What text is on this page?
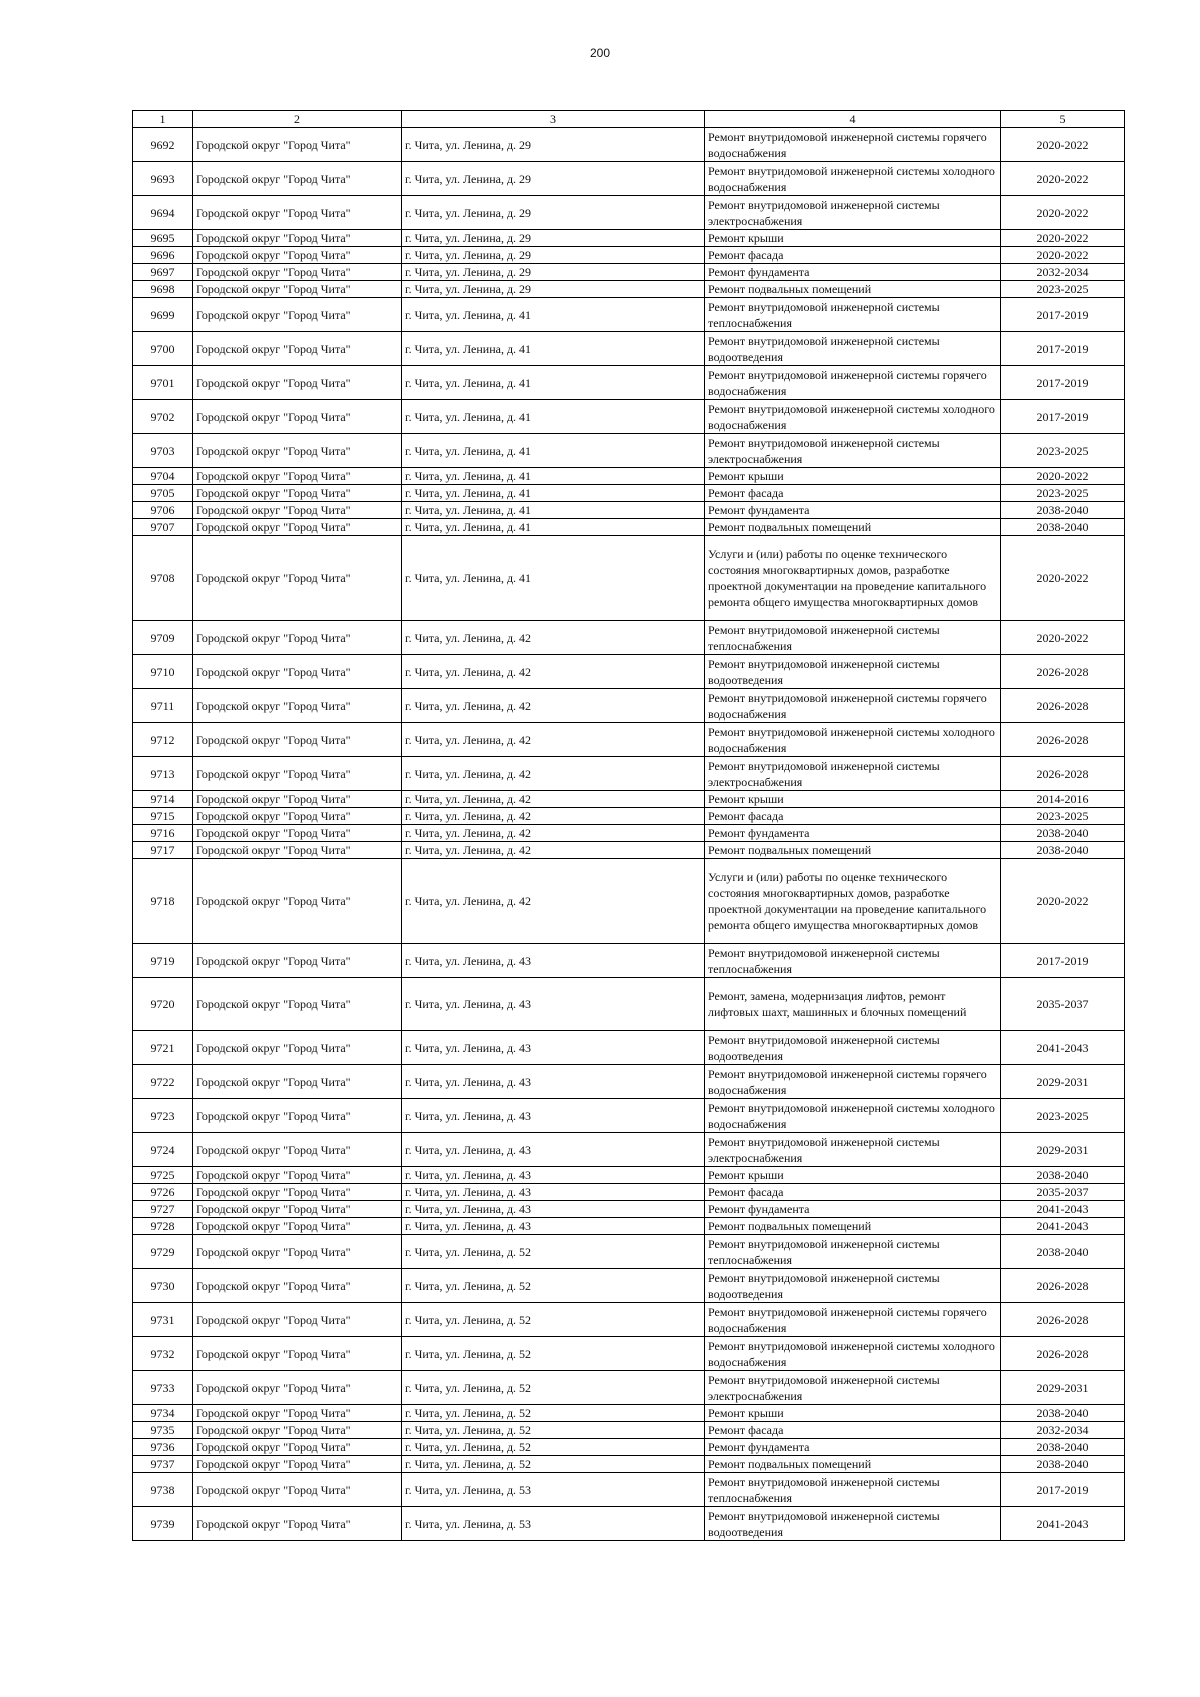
200
1	2	3	4	5
9692	Городской округ "Город Чита"	г. Чита, ул. Ленина, д. 29	Ремонт внутридомовой инженерной системы горячего водоснабжения	2020-2022
9693	Городской округ "Город Чита"	г. Чита, ул. Ленина, д. 29	Ремонт внутридомовой инженерной системы холодного водоснабжения	2020-2022
9694	Городской округ "Город Чита"	г. Чита, ул. Ленина, д. 29	Ремонт внутридомовой инженерной системы электроснабжения	2020-2022
9695	Городской округ "Город Чита"	г. Чита, ул. Ленина, д. 29	Ремонт крыши	2020-2022
9696	Городской округ "Город Чита"	г. Чита, ул. Ленина, д. 29	Ремонт фасада	2020-2022
9697	Городской округ "Город Чита"	г. Чита, ул. Ленина, д. 29	Ремонт фундамента	2032-2034
9698	Городской округ "Город Чита"	г. Чита, ул. Ленина, д. 29	Ремонт подвальных помещений	2023-2025
9699	Городской округ "Город Чита"	г. Чита, ул. Ленина, д. 41	Ремонт внутридомовой инженерной системы теплоснабжения	2017-2019
9700	Городской округ "Город Чита"	г. Чита, ул. Ленина, д. 41	Ремонт внутридомовой инженерной системы водоотведения	2017-2019
9701	Городской округ "Город Чита"	г. Чита, ул. Ленина, д. 41	Ремонт внутридомовой инженерной системы горячего водоснабжения	2017-2019
9702	Городской округ "Город Чита"	г. Чита, ул. Ленина, д. 41	Ремонт внутридомовой инженерной системы холодного водоснабжения	2017-2019
9703	Городской округ "Город Чита"	г. Чита, ул. Ленина, д. 41	Ремонт внутридомовой инженерной системы электроснабжения	2023-2025
9704	Городской округ "Город Чита"	г. Чита, ул. Ленина, д. 41	Ремонт крыши	2020-2022
9705	Городской округ "Город Чита"	г. Чита, ул. Ленина, д. 41	Ремонт фасада	2023-2025
9706	Городской округ "Город Чита"	г. Чита, ул. Ленина, д. 41	Ремонт фундамента	2038-2040
9707	Городской округ "Город Чита"	г. Чита, ул. Ленина, д. 41	Ремонт подвальных помещений	2038-2040
9708	Городской округ "Город Чита"	г. Чита, ул. Ленина, д. 41	Услуги и (или) работы по оценке технического состояния многоквартирных домов, разработке проектной документации на проведение капитального ремонта общего имущества многоквартирных домов	2020-2022
9709	Городской округ "Город Чита"	г. Чита, ул. Ленина, д. 42	Ремонт внутридомовой инженерной системы теплоснабжения	2020-2022
9710	Городской округ "Город Чита"	г. Чита, ул. Ленина, д. 42	Ремонт внутридомовой инженерной системы водоотведения	2026-2028
9711	Городской округ "Город Чита"	г. Чита, ул. Ленина, д. 42	Ремонт внутридомовой инженерной системы горячего водоснабжения	2026-2028
9712	Городской округ "Город Чита"	г. Чита, ул. Ленина, д. 42	Ремонт внутридомовой инженерной системы холодного водоснабжения	2026-2028
9713	Городской округ "Город Чита"	г. Чита, ул. Ленина, д. 42	Ремонт внутридомовой инженерной системы электроснабжения	2026-2028
9714	Городской округ "Город Чита"	г. Чита, ул. Ленина, д. 42	Ремонт крыши	2014-2016
9715	Городской округ "Город Чита"	г. Чита, ул. Ленина, д. 42	Ремонт фасада	2023-2025
9716	Городской округ "Город Чита"	г. Чита, ул. Ленина, д. 42	Ремонт фундамента	2038-2040
9717	Городской округ "Город Чита"	г. Чита, ул. Ленина, д. 42	Ремонт подвальных помещений	2038-2040
9718	Городской округ "Город Чита"	г. Чита, ул. Ленина, д. 42	Услуги и (или) работы по оценке технического состояния многоквартирных домов, разработке проектной документации на проведение капитального ремонта общего имущества многоквартирных домов	2020-2022
9719	Городской округ "Город Чита"	г. Чита, ул. Ленина, д. 43	Ремонт внутридомовой инженерной системы теплоснабжения	2017-2019
9720	Городской округ "Город Чита"	г. Чита, ул. Ленина, д. 43	Ремонт, замена, модернизация лифтов, ремонт лифтовых шахт, машинных и блочных помещений	2035-2037
9721	Городской округ "Город Чита"	г. Чита, ул. Ленина, д. 43	Ремонт внутридомовой инженерной системы водоотведения	2041-2043
9722	Городской округ "Город Чита"	г. Чита, ул. Ленина, д. 43	Ремонт внутридомовой инженерной системы горячего водоснабжения	2029-2031
9723	Городской округ "Город Чита"	г. Чита, ул. Ленина, д. 43	Ремонт внутридомовой инженерной системы холодного водоснабжения	2023-2025
9724	Городской округ "Город Чита"	г. Чита, ул. Ленина, д. 43	Ремонт внутридомовой инженерной системы электроснабжения	2029-2031
9725	Городской округ "Город Чита"	г. Чита, ул. Ленина, д. 43	Ремонт крыши	2038-2040
9726	Городской округ "Город Чита"	г. Чита, ул. Ленина, д. 43	Ремонт фасада	2035-2037
9727	Городской округ "Город Чита"	г. Чита, ул. Ленина, д. 43	Ремонт фундамента	2041-2043
9728	Городской округ "Город Чита"	г. Чита, ул. Ленина, д. 43	Ремонт подвальных помещений	2041-2043
9729	Городской округ "Город Чита"	г. Чита, ул. Ленина, д. 52	Ремонт внутридомовой инженерной системы теплоснабжения	2038-2040
9730	Городской округ "Город Чита"	г. Чита, ул. Ленина, д. 52	Ремонт внутридомовой инженерной системы водоотведения	2026-2028
9731	Городской округ "Город Чита"	г. Чита, ул. Ленина, д. 52	Ремонт внутридомовой инженерной системы горячего водоснабжения	2026-2028
9732	Городской округ "Город Чита"	г. Чита, ул. Ленина, д. 52	Ремонт внутридомовой инженерной системы холодного водоснабжения	2026-2028
9733	Городской округ "Город Чита"	г. Чита, ул. Ленина, д. 52	Ремонт внутридомовой инженерной системы электроснабжения	2029-2031
9734	Городской округ "Город Чита"	г. Чита, ул. Ленина, д. 52	Ремонт крыши	2038-2040
9735	Городской округ "Город Чита"	г. Чита, ул. Ленина, д. 52	Ремонт фасада	2032-2034
9736	Городской округ "Город Чита"	г. Чита, ул. Ленина, д. 52	Ремонт фундамента	2038-2040
9737	Городской округ "Город Чита"	г. Чита, ул. Ленина, д. 52	Ремонт подвальных помещений	2038-2040
9738	Городской округ "Город Чита"	г. Чита, ул. Ленина, д. 53	Ремонт внутридомовой инженерной системы теплоснабжения	2017-2019
9739	Городской округ "Город Чита"	г. Чита, ул. Ленина, д. 53	Ремонт внутридомовой инженерной системы водоотведения	2041-2043
